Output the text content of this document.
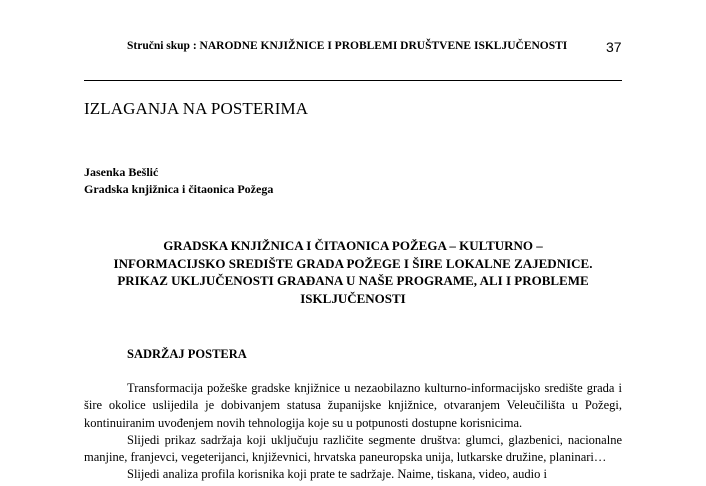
Stručni skup : NARODNE KNJIŽNICE I PROBLEMI DRUŠTVENE ISKLJUČENOSTI	37
IZLAGANJA NA POSTERIMA
Jasenka Bešlić
Gradska knjižnica i čitaonica Požega
GRADSKA KNJIŽNICA I ČITAONICA POŽEGA – KULTURNO –
INFORMACIJSKO SREDIŠTE GRADA POŽEGE I ŠIRE LOKALNE ZAJEDNICE.
PRIKAZ UKLJUČENOSTI GRAĐANA U NAŠE PROGRAME, ALI I PROBLEME
ISKLJUČENOSTI
SADRŽAJ POSTERA

Transformacija požeške gradske knjižnice u nezaobilazno kulturno-informacijsko središte grada i šire okolice uslijedila je dobivanjem statusa županijske knjižnice, otvaranjem Veleučilišta u Požegi, kontinuiranim uvođenjem novih tehnologija koje su u potpunosti dostupne korisnicima.

Slijedi prikaz sadržaja koji uključuju različite segmente društva: glumci, glazbenici, nacionalne manjine, franjevci, vegeterijanci, književnici, hrvatska paneuropska unija, lutkarske družine, planinari…

Slijedi analiza profila korisnika koji prate te sadržaje. Naime, tiskana, video, audio i
